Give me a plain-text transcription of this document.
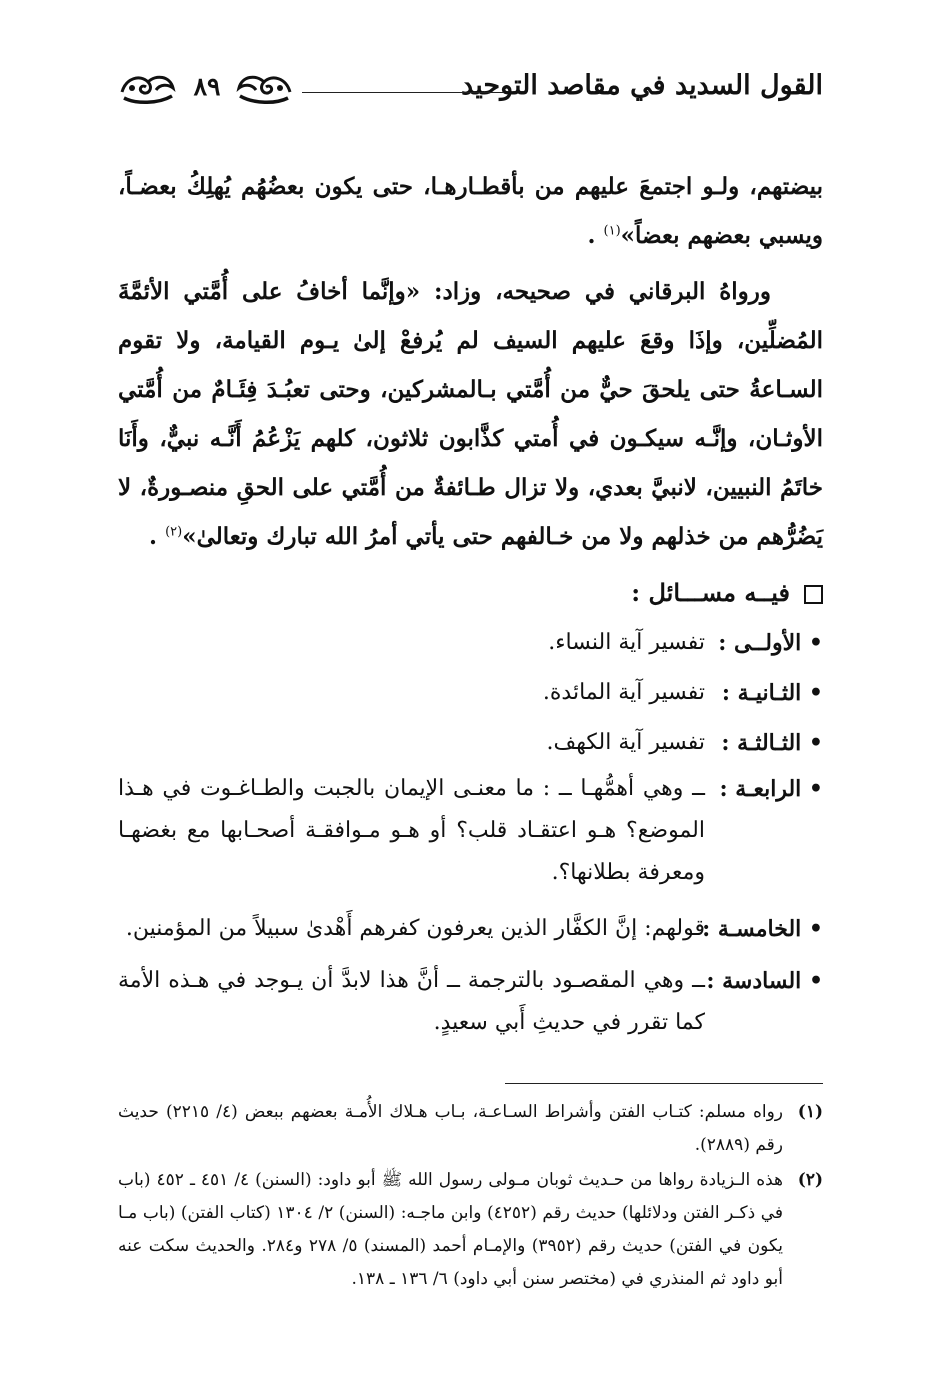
القول السديد في مقاصد التوحيد
٨٩
بيضتهم، ولـو اجتمعَ عليهم من بأقطـارهـا، حتى يكون بعضُهُم يُهلِكُ بعضـاً، ويسبي بعضهم بعضاً»$^{(١)}$ .
ورواهُ البرقاني في صحيحه، وزاد: «وإنَّما أخافُ على أُمَّتي الأئمَّةَ المُضلِّين، وإذَا وقعَ عليهم السيف لم يُرفعْ إلىٰ يـوم القيامة، ولا تقوم السـاعةُ حتى يلحقَ حيٌّ من أُمَّتي بـالمشركين، وحتى تعبُـدَ فِئَـامٌ من أُمَّتي الأوثـان، وإنَّـه سيكـون في أُمتي كذَّابون ثلاثون، كلهم يَزْعُمُ أَنَّـه نبيٌّ، وأَنَا خاتَمُ النبيين، لانبيَّ بعدي، ولا تزال طـائفةٌ من أُمَّتي على الحقِ منصـورةٌ، لا يَضُرُّهم من خذلهم ولا من خـالفهم حتى يأتي أمرُ الله تبارك وتعالىٰ»$^{(٢)}$ .
فيــه مســـائل :
• الأولــى :
تفسير آية النساء.
• الثـانيـة :
تفسير آية المائدة.
• الثـالثـة :
تفسير آية الكهف.
• الرابعـة :
ــ وهي أهمُّهـا ــ : ما معنـى الإيمان بالجبت والطـاغـوت في هـذا الموضع؟ هـو اعتقـاد قلب؟ أو هـو مـوافقـة أصحـابها مع بغضهـا ومعرفة بطلانها؟.
• الخامسـة :
قولهم: إنَّ الكفَّار الذين يعرفون كفرهم أَهْدىٰ سبيلاً من المؤمنين.
• السادسة :
ــ وهي المقصـود بالترجمة ــ أنَّ هذا لابدَّ أن يـوجد في هـذه الأمة كما تقرر في حديثِ أَبي سعيدٍ.
(١)
رواه مسلم: كتـاب الفتن وأشراط السـاعـة، بـاب هـلاك الأُمـة بعضهم ببعض (٤/ ٢٢١٥) حديث رقم (٢٨٨٩).
(٢)
هذه الـزيادة رواها من حـديث ثوبان مـولى رسول الله ﷺ أبو داود: (السنن) ٤/ ٤٥١ ـ ٤٥٢ (باب في ذكـر الفتن ودلائلها) حديث رقم (٤٢٥٢) وابن ماجـه: (السنن) ٢/ ١٣٠٤ (كتاب الفتن) (باب مـا يكون في الفتن) حديث رقم (٣٩٥٢) والإمـام أحمد (المسند) ٥/ ٢٧٨ و٢٨٤. والحديث سكت عنه أبو داود ثم المنذري في (مختصر سنن أبي داود) ٦/ ١٣٦ ـ ١٣٨.
